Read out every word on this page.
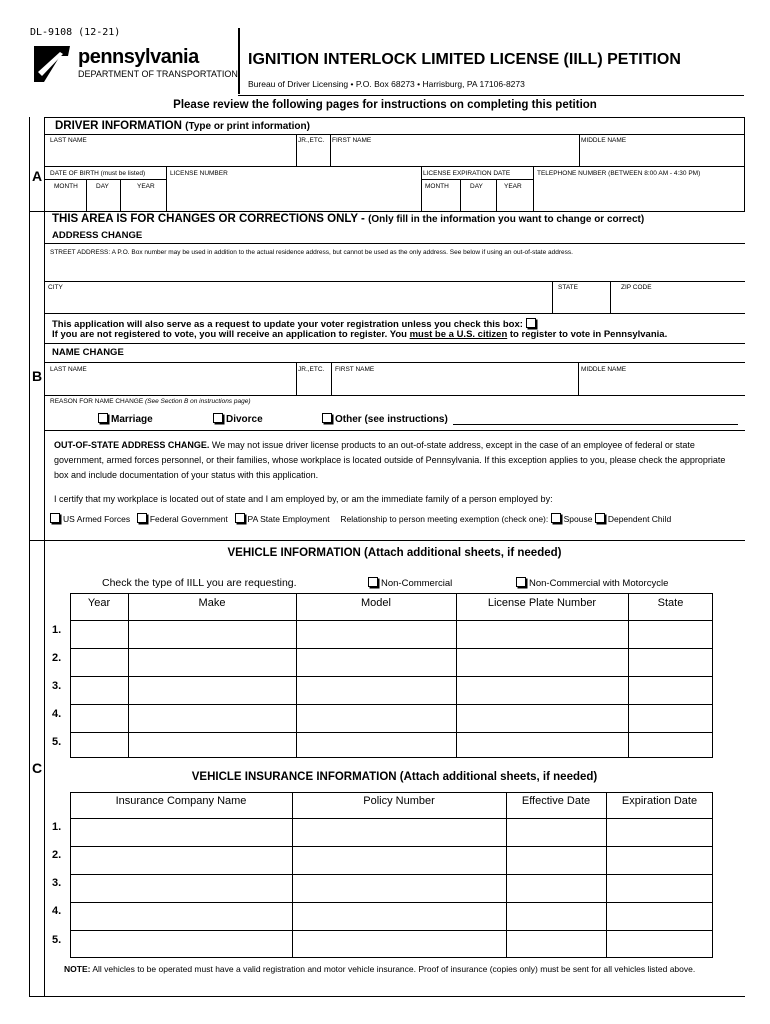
DL-9108 (12-21)
pennsylvania
DEPARTMENT OF TRANSPORTATION
IGNITION INTERLOCK LIMITED LICENSE (IILL) PETITION
Bureau of Driver Licensing • P.O. Box 68273 • Harrisburg, PA 17106-8273
Please review the following pages for instructions on completing this petition
A
B
C
DRIVER INFORMATION (Type or print information)
LAST NAME	JR.,ETC. FIRST NAME	MIDDLE NAME
DATE OF BIRTH (must be listed)	LICENSE NUMBER	LICENSE EXPIRATION DATE	TELEPHONE NUMBER (BETWEEN 8:00 AM - 4:30 PM)
MONTH	DAY	YEAR	MONTH	DAY	YEAR
THIS AREA IS FOR CHANGES OR CORRECTIONS ONLY - (Only fill in the information you want to change or correct)
ADDRESS CHANGE
STREET ADDRESS: A P.O. Box number may be used in addition to the actual residence address, but cannot be used as the only address. See below if using an out-of-state address.
CITY	STATE	ZIP CODE
This application will also serve as a request to update your voter registration unless you check this box:
If you are not registered to vote, you will receive an application to register. You must be a U.S. citizen to register to vote in Pennsylvania.
NAME CHANGE
LAST NAME	JR.,ETC. FIRST NAME	MIDDLE NAME
REASON FOR NAME CHANGE (See Section B on instructions page)
Marriage	Divorce	Other (see instructions)
OUT-OF-STATE ADDRESS CHANGE. We may not issue driver license products to an out-of-state address, except in the case of an employee of federal or state government, armed forces personnel, or their families, whose workplace is located outside of Pennsylvania. If this exception applies to you, please check the appropriate box and include documentation of your status with this application.
I certify that my workplace is located out of state and I am employed by, or am the immediate family of a person employed by:
US Armed Forces Federal Government PA State Employment Relationship to person meeting exemption (check one): Spouse Dependent Child
VEHICLE INFORMATION (Attach additional sheets, if needed)
Check the type of IILL you are requesting.	Non-Commercial	Non-Commercial with Motorcycle
Year	Make	Model	License Plate Number	State
1.
2.
3.
4.
5.
VEHICLE INSURANCE INFORMATION (Attach additional sheets, if needed)
Insurance Company Name	Policy Number	Effective Date	Expiration Date
1.
2.
3.
4.
5.
NOTE: All vehicles to be operated must have a valid registration and motor vehicle insurance. Proof of insurance (copies only) must be sent for all vehicles listed above.
